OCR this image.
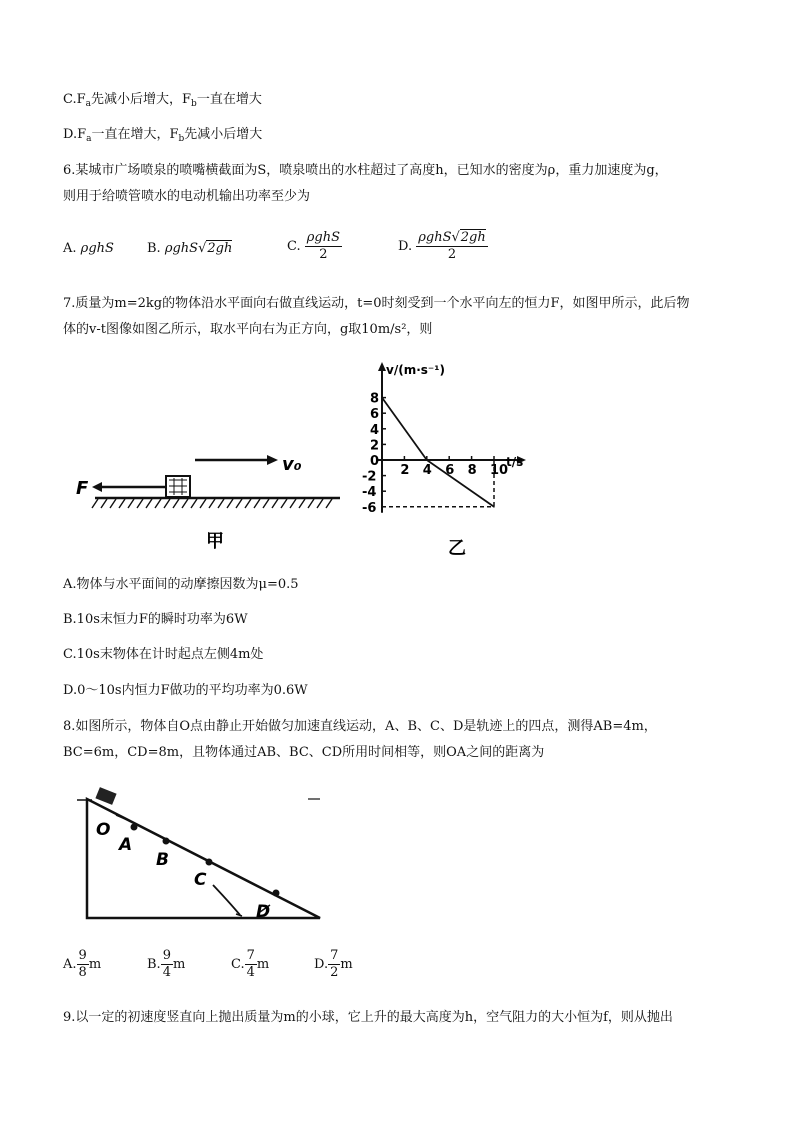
$C.F_a$先减小后增大，$F_b$一直在增大
$D.F_a$一直在增大，$F_b$先减小后增大
6.某城市广场喷泉的喷嘴横截面为S，喷泉喷出的水柱超过了高度h，已知水的密度为ρ，重力加速度为g，
则用于给喷管喷水的电动机输出功率至少为
A. ρghS	B. ρghS√2gh	C. $\frac{\text{ρghS}}{2}$	D. $\frac{\text{ρghS√2gh}}{2}$
7.质量为m=2kg的物体沿水平面向右做直线运动，t=0时刻受到一个水平向左的恒力F，如图甲所示，此后物
体的v-t图像如图乙所示，取水平向右为正方向，g取10m/s²，则
F
v₀
甲
v/(m·s⁻¹)
t/s
2 4 6 8 10
8
6
4
2
0
-2
-4
-6
乙
A.物体与水平面间的动摩擦因数为μ=0.5
B.10s末恒力F的瞬时功率为6W
C.10s末物体在计时起点左侧4m处
D.0～10s内恒力F做功的平均功率为0.6W
8.如图所示，物体自O点由静止开始做匀加速直线运动，A、B、C、D是轨迹上的四点，测得AB=4m，
BC=6m，CD=8m，且物体通过AB、BC、CD所用时间相等，则OA之间的距离为
O
A
B
C
D
A. $\frac{9}{8}$ m	B. $\frac{9}{4}$ m	C. $\frac{7}{4}$ m	D. $\frac{7}{2}$ m
9.以一定的初速度竖直向上抛出质量为m的小球，它上升的最大高度为h，空气阻力的大小恒为f，则从抛出
